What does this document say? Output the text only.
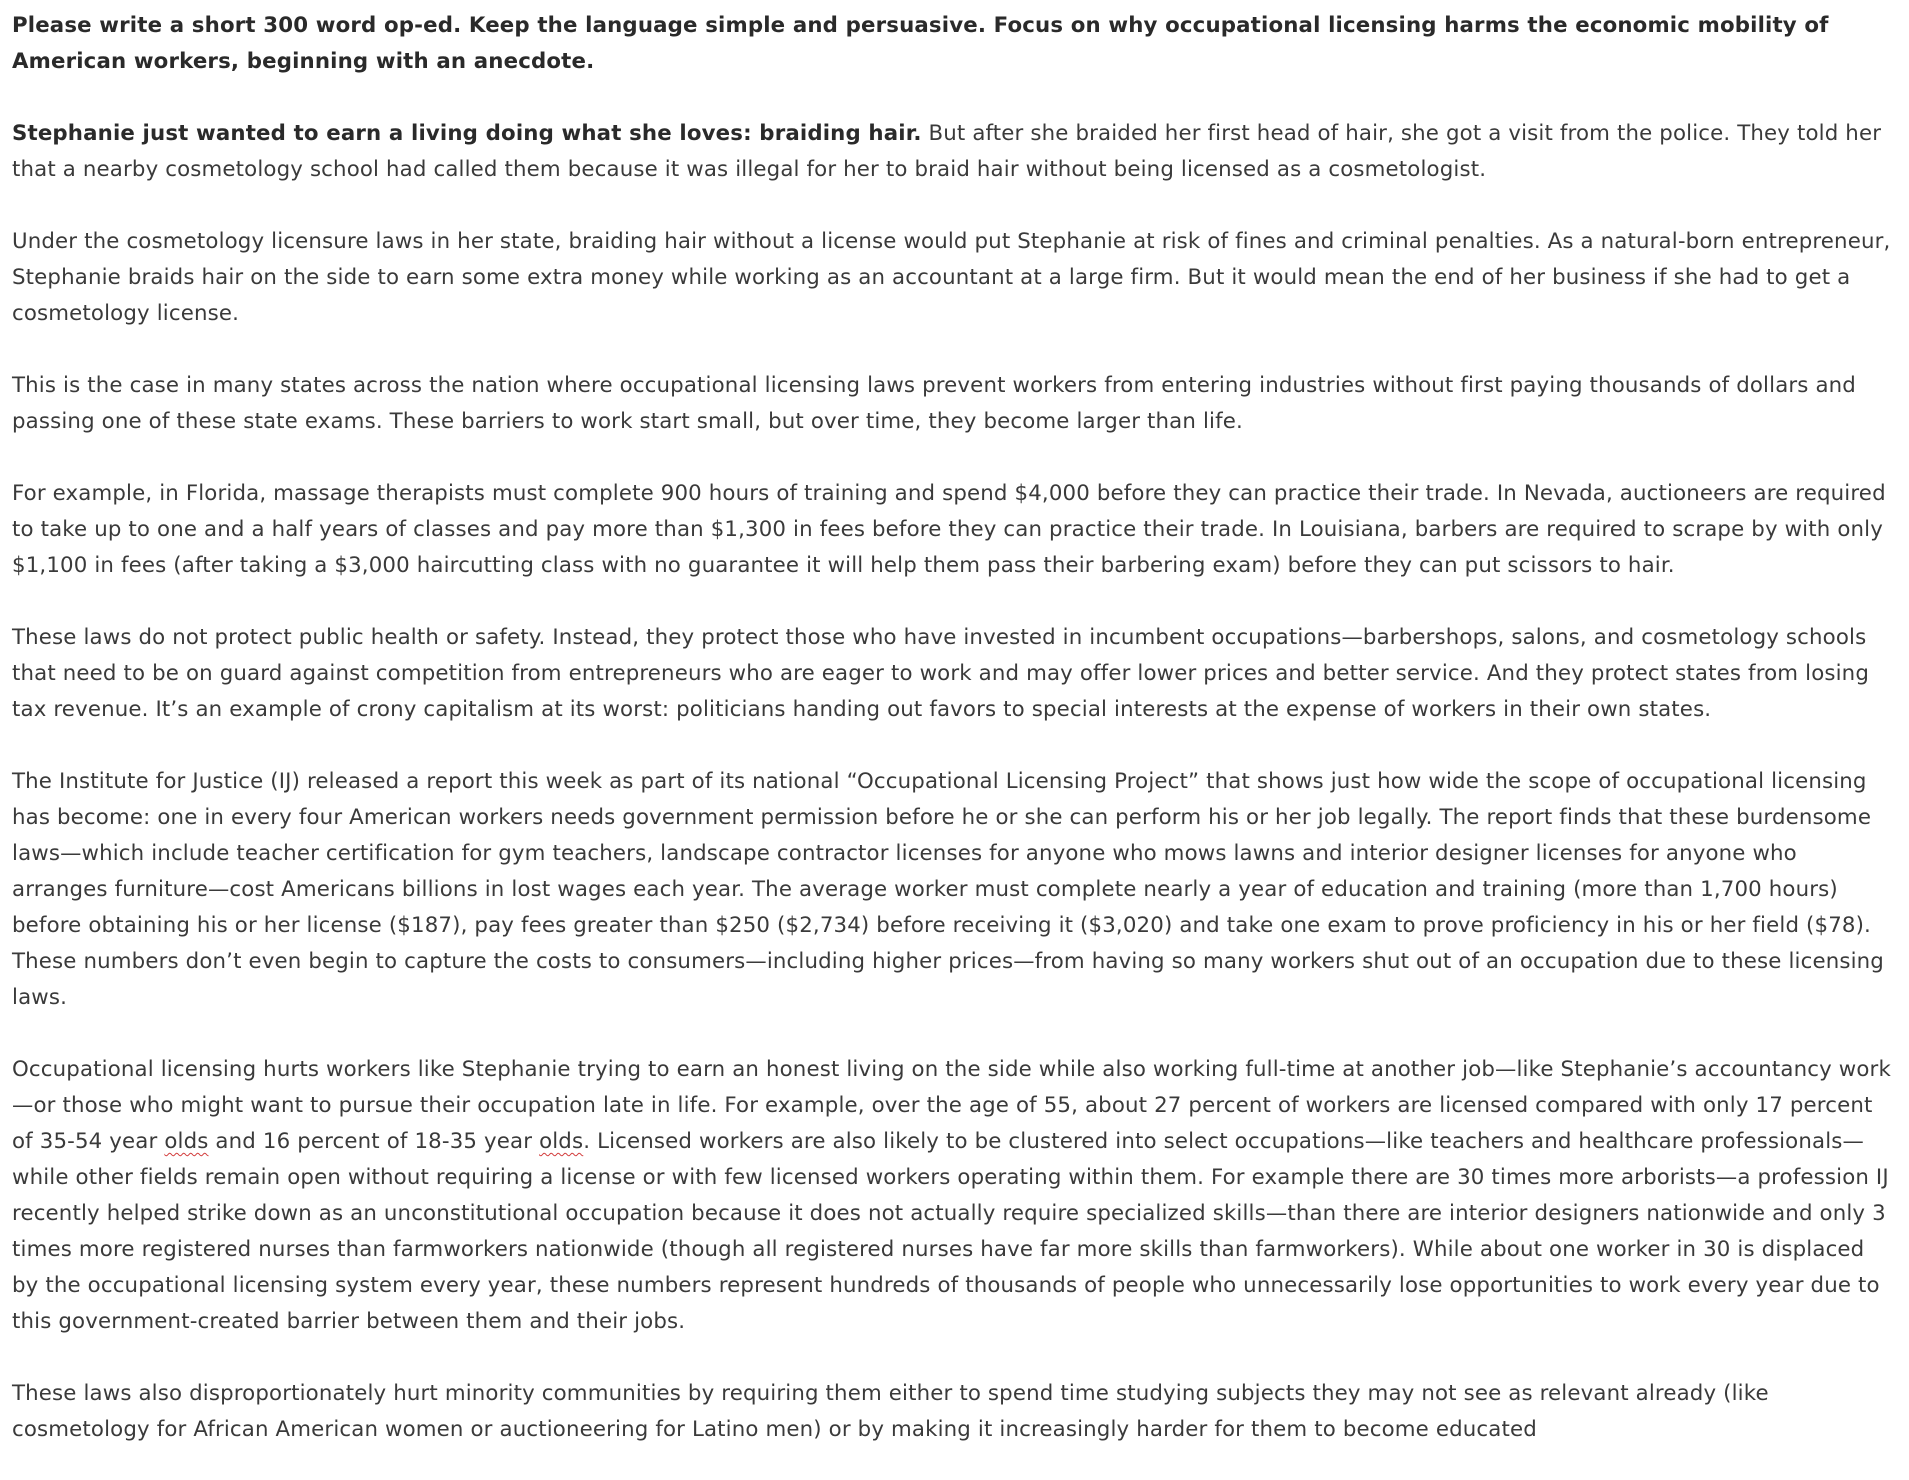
Please write a short 300 word op-ed. Keep the language simple and persuasive. Focus on why occupational licensing harms the economic mobility of American workers, beginning with an anecdote.

Stephanie just wanted to earn a living doing what she loves: braiding hair. But after she braided her first head of hair, she got a visit from the police. They told her that a nearby cosmetology school had called them because it was illegal for her to braid hair without being licensed as a cosmetologist.

Under the cosmetology licensure laws in her state, braiding hair without a license would put Stephanie at risk of fines and criminal penalties. As a natural-born entrepreneur, Stephanie braids hair on the side to earn some extra money while working as an accountant at a large firm. But it would mean the end of her business if she had to get a cosmetology license.

This is the case in many states across the nation where occupational licensing laws prevent workers from entering industries without first paying thousands of dollars and passing one of these state exams. These barriers to work start small, but over time, they become larger than life.

For example, in Florida, massage therapists must complete 900 hours of training and spend $4,000 before they can practice their trade. In Nevada, auctioneers are required to take up to one and a half years of classes and pay more than $1,300 in fees before they can practice their trade. In Louisiana, barbers are required to scrape by with only $1,100 in fees (after taking a $3,000 haircutting class with no guarantee it will help them pass their barbering exam) before they can put scissors to hair.

These laws do not protect public health or safety. Instead, they protect those who have invested in incumbent occupations—barbershops, salons, and cosmetology schools that need to be on guard against competition from entrepreneurs who are eager to work and may offer lower prices and better service. And they protect states from losing tax revenue. It’s an example of crony capitalism at its worst: politicians handing out favors to special interests at the expense of workers in their own states.

The Institute for Justice (IJ) released a report this week as part of its national “Occupational Licensing Project” that shows just how wide the scope of occupational licensing has become: one in every four American workers needs government permission before he or she can perform his or her job legally. The report finds that these burdensome laws—which include teacher certification for gym teachers, landscape contractor licenses for anyone who mows lawns and interior designer licenses for anyone who arranges furniture—cost Americans billions in lost wages each year. The average worker must complete nearly a year of education and training (more than 1,700 hours) before obtaining his or her license ($187), pay fees greater than $250 ($2,734) before receiving it ($3,020) and take one exam to prove proficiency in his or her field ($78). These numbers don’t even begin to capture the costs to consumers—including higher prices—from having so many workers shut out of an occupation due to these licensing laws.

Occupational licensing hurts workers like Stephanie trying to earn an honest living on the side while also working full-time at another job—like Stephanie’s accountancy work—or those who might want to pursue their occupation late in life. For example, over the age of 55, about 27 percent of workers are licensed compared with only 17 percent of 35-54 year olds and 16 percent of 18-35 year olds. Licensed workers are also likely to be clustered into select occupations—like teachers and healthcare professionals—while other fields remain open without requiring a license or with few licensed workers operating within them. For example there are 30 times more arborists—a profession IJ recently helped strike down as an unconstitutional occupation because it does not actually require specialized skills—than there are interior designers nationwide and only 3 times more registered nurses than farmworkers nationwide (though all registered nurses have far more skills than farmworkers). While about one worker in 30 is displaced by the occupational licensing system every year, these numbers represent hundreds of thousands of people who unnecessarily lose opportunities to work every year due to this government-created barrier between them and their jobs.

These laws also disproportionately hurt minority communities by requiring them either to spend time studying subjects they may not see as relevant already (like cosmetology for African American women or auctioneering for Latino men) or by making it increasingly harder for them to become educated
